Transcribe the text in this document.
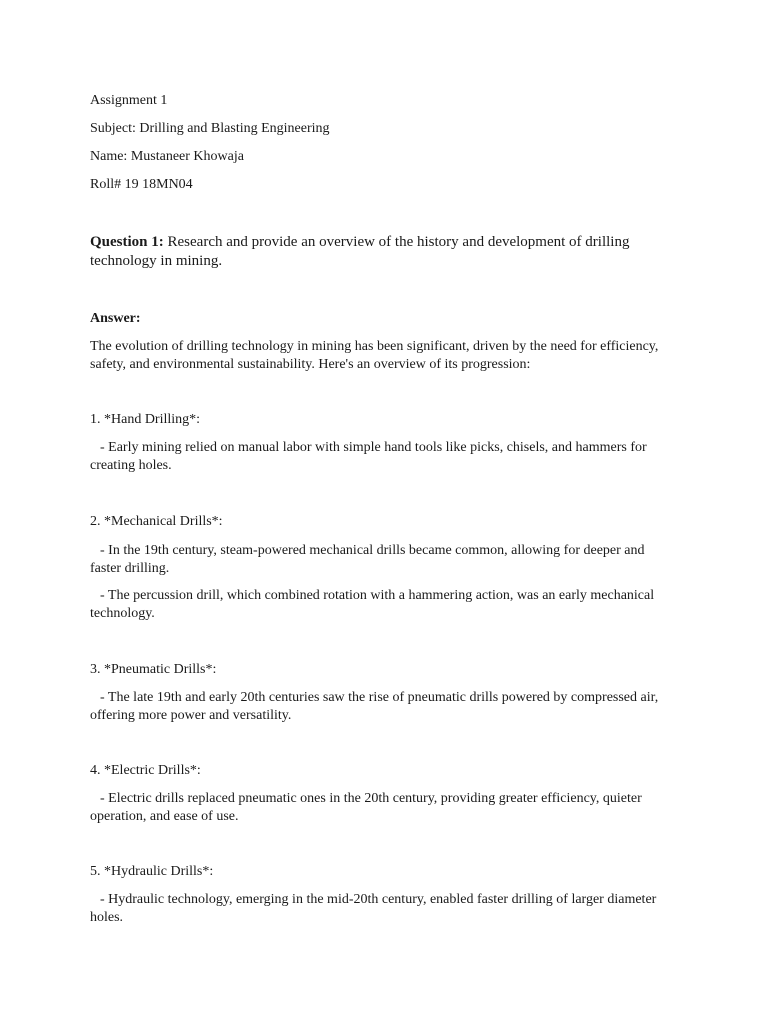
Assignment 1
Subject: Drilling and Blasting Engineering
Name: Mustaneer Khowaja
Roll# 19 18MN04
Question 1: Research and provide an overview of the history and development of drilling technology in mining.
Answer:
The evolution of drilling technology in mining has been significant, driven by the need for efficiency, safety, and environmental sustainability. Here's an overview of its progression:
1. *Hand Drilling*:
- Early mining relied on manual labor with simple hand tools like picks, chisels, and hammers for creating holes.
2. *Mechanical Drills*:
- In the 19th century, steam-powered mechanical drills became common, allowing for deeper and faster drilling.
- The percussion drill, which combined rotation with a hammering action, was an early mechanical technology.
3. *Pneumatic Drills*:
- The late 19th and early 20th centuries saw the rise of pneumatic drills powered by compressed air, offering more power and versatility.
4. *Electric Drills*:
- Electric drills replaced pneumatic ones in the 20th century, providing greater efficiency, quieter operation, and ease of use.
5. *Hydraulic Drills*:
- Hydraulic technology, emerging in the mid-20th century, enabled faster drilling of larger diameter holes.
